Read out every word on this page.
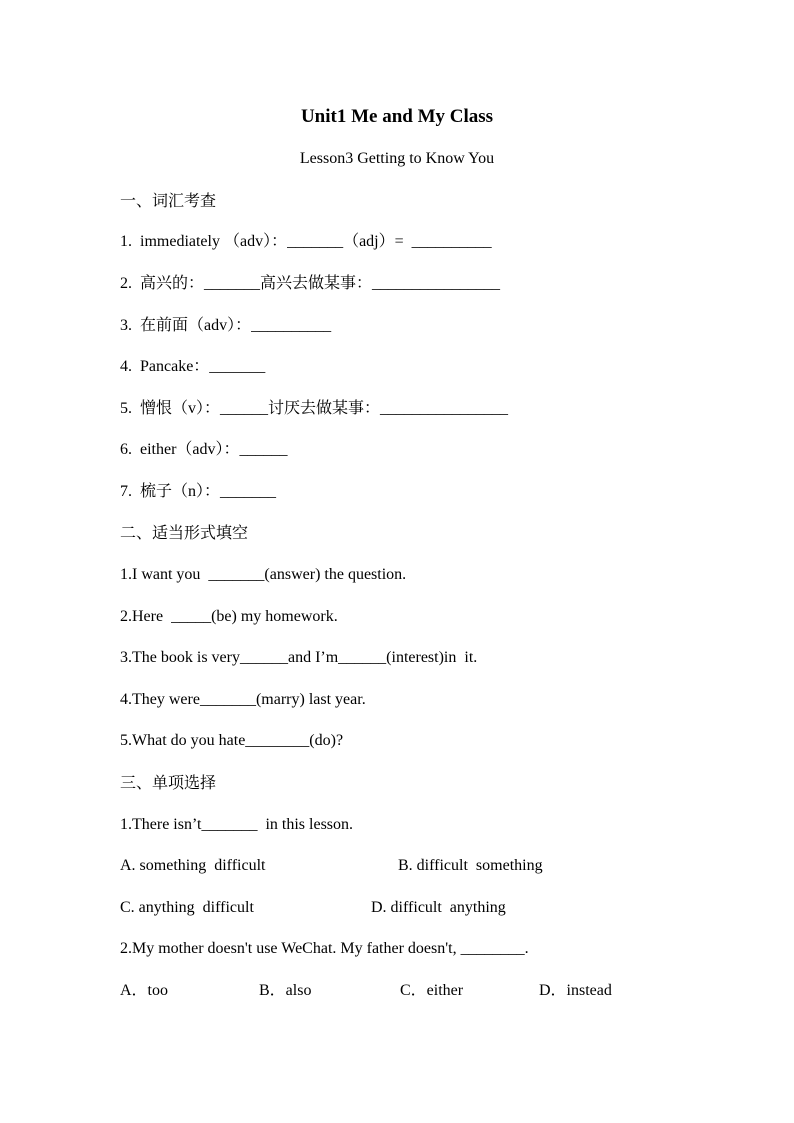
Unit1 Me and My Class
Lesson3 Getting to Know You
一、词汇考查
1.  immediately （adv）：_______（adj）=  __________
2.  高兴的：_______高兴去做某事：________________
3.  在前面（adv）：__________
4.  Pancake：_______
5.  憎恨（v）：______讨厌去做某事：________________
6.  either（adv）：______
7.  梳子（n）：_______
二、适当形式填空
1.I want you  _______(answer) the question.
2.Here  _____(be) my homework.
3.The book is very______and I’m______(interest)in  it.
4.They were_______(marry) last year.
5.What do you hate________(do)?
三、单项选择
1.There isn’t_______  in this lesson.
A. something  difficult	B. difficult  something
C. anything  difficult	D. difficult  anything
2.My mother doesn't use WeChat. My father doesn't, ________.
A．too	B．also	C．either	D．instead
